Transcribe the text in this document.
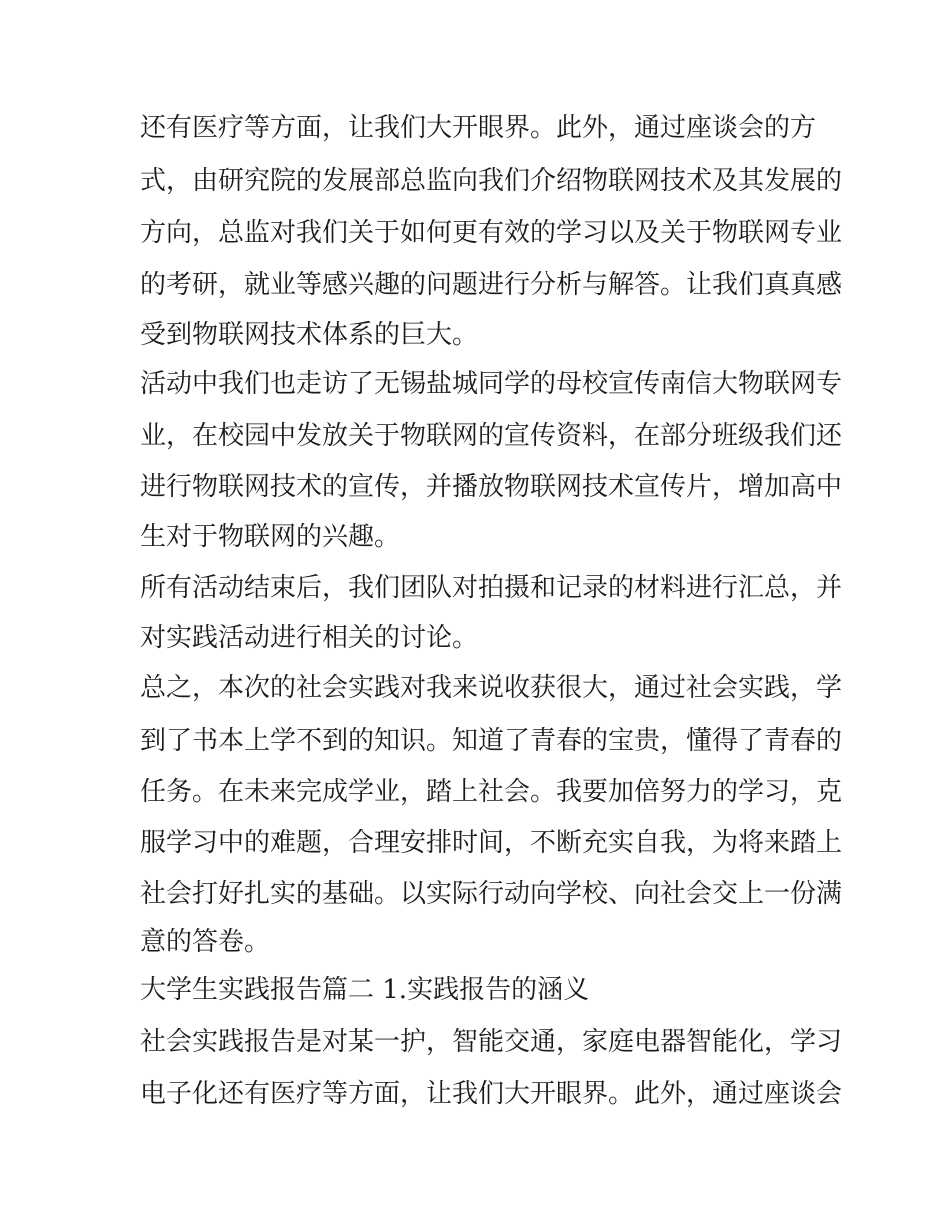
还有医疗等方面，让我们大开眼界。此外，通过座谈会的方
式，由研究院的发展部总监向我们介绍物联网技术及其发展的
方向，总监对我们关于如何更有效的学习以及关于物联网专业
的考研，就业等感兴趣的问题进行分析与解答。让我们真真感
受到物联网技术体系的巨大。
活动中我们也走访了无锡盐城同学的母校宣传南信大物联网专
业，在校园中发放关于物联网的宣传资料，在部分班级我们还
进行物联网技术的宣传，并播放物联网技术宣传片，增加高中
生对于物联网的兴趣。
所有活动结束后，我们团队对拍摄和记录的材料进行汇总，并
对实践活动进行相关的讨论。
总之，本次的社会实践对我来说收获很大，通过社会实践，学
到了书本上学不到的知识。知道了青春的宝贵，懂得了青春的
任务。在未来完成学业，踏上社会。我要加倍努力的学习，克
服学习中的难题，合理安排时间，不断充实自我，为将来踏上
社会打好扎实的基础。以实际行动向学校、向社会交上一份满
意的答卷。
大学生实践报告篇二 1.实践报告的涵义
社会实践报告是对某一护，智能交通，家庭电器智能化，学习
电子化还有医疗等方面，让我们大开眼界。此外，通过座谈会
